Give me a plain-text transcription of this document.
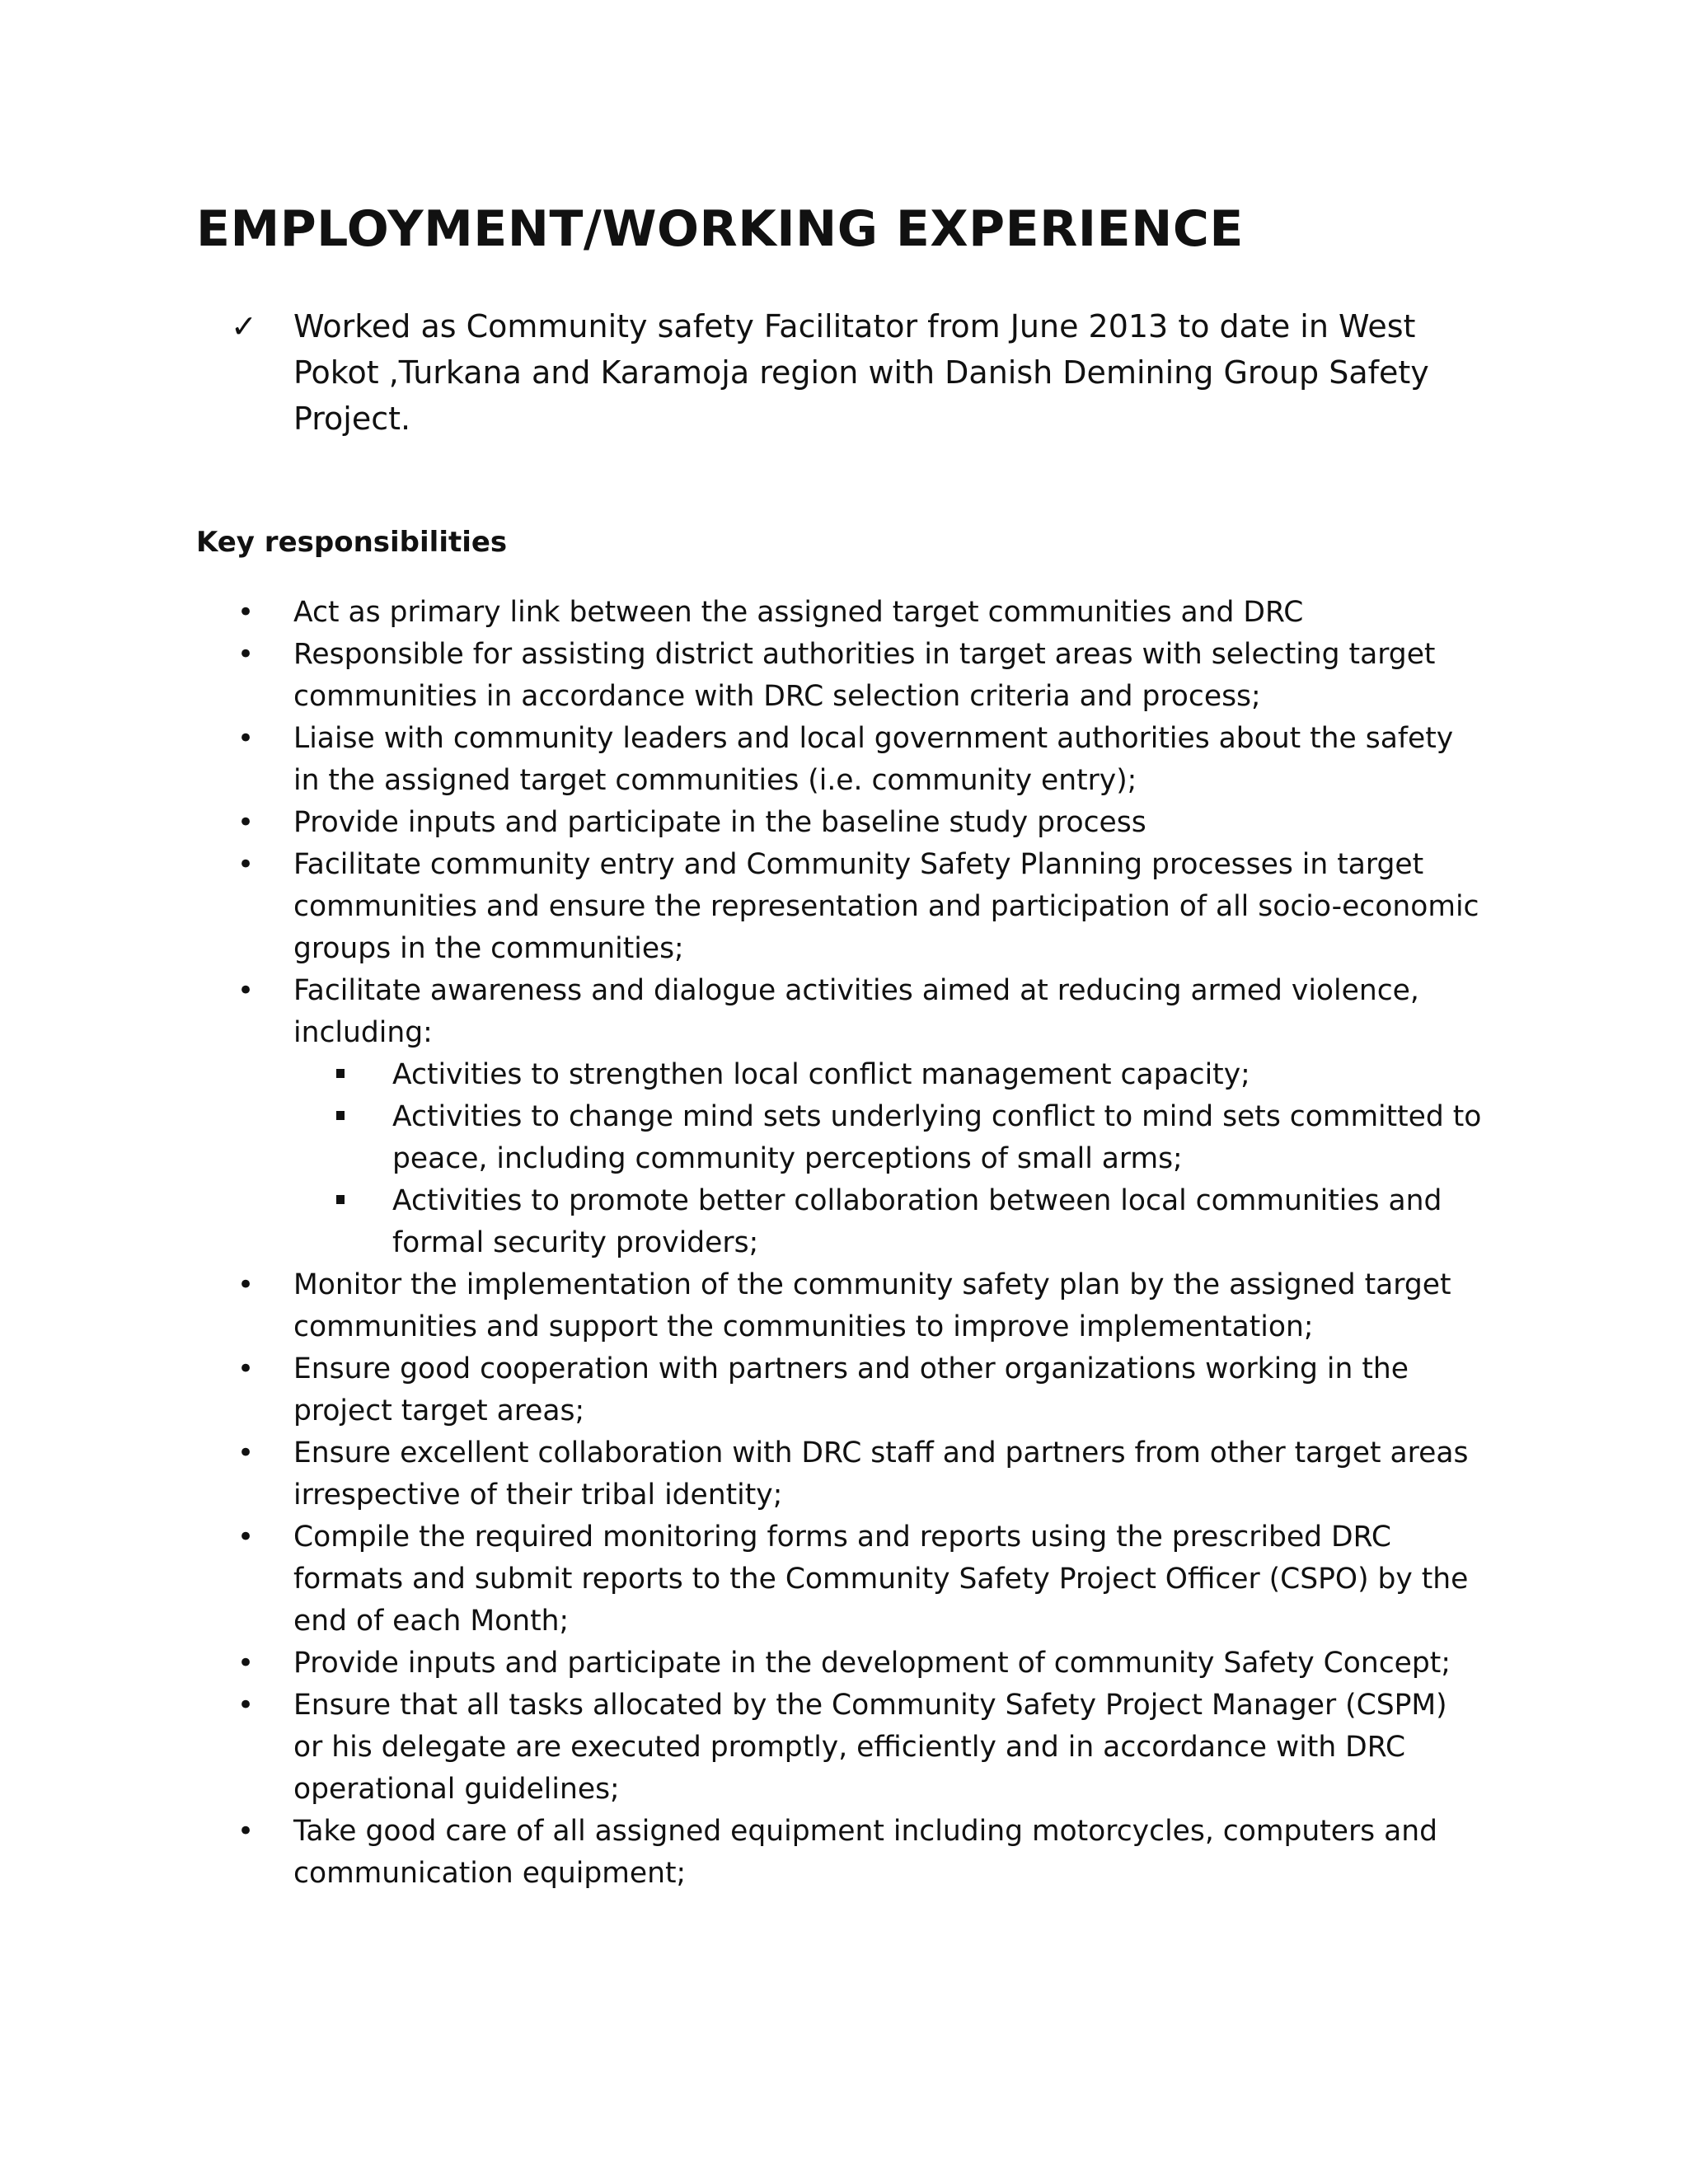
EMPLOYMENT/WORKING EXPERIENCE
✓ Worked as Community safety Facilitator from June 2013 to date in West Pokot ,Turkana and Karamoja region with Danish Demining Group Safety Project.
Key responsibilities
• Act as primary link between the assigned target communities and DRC
• Responsible for assisting district authorities in target areas with selecting target communities in accordance with DRC selection criteria and process;
• Liaise with community leaders and local government authorities about the safety in the assigned target communities (i.e. community entry);
• Provide inputs and participate in the baseline study process
• Facilitate community entry and Community Safety Planning processes in target communities and ensure the representation and participation of all socio-economic groups in the communities;
• Facilitate awareness and dialogue activities aimed at reducing armed violence, including:
Activities to strengthen local conflict management capacity;
Activities to change mind sets underlying conflict to mind sets committed to peace, including community perceptions of small arms;
Activities to promote better collaboration between local communities and formal security providers;
• Monitor the implementation of the community safety plan by the assigned target communities and support the communities to improve implementation;
• Ensure good cooperation with partners and other organizations working in the project target areas;
• Ensure excellent collaboration with DRC staff and partners from other target areas irrespective of their tribal identity;
• Compile the required monitoring forms and reports using the prescribed DRC formats and submit reports to the Community Safety Project Officer (CSPO) by the end of each Month;
• Provide inputs and participate in the development of community Safety Concept;
• Ensure that all tasks allocated by the Community Safety Project Manager (CSPM) or his delegate are executed promptly, efficiently and in accordance with DRC operational guidelines;
• Take good care of all assigned equipment including motorcycles, computers and communication equipment;
